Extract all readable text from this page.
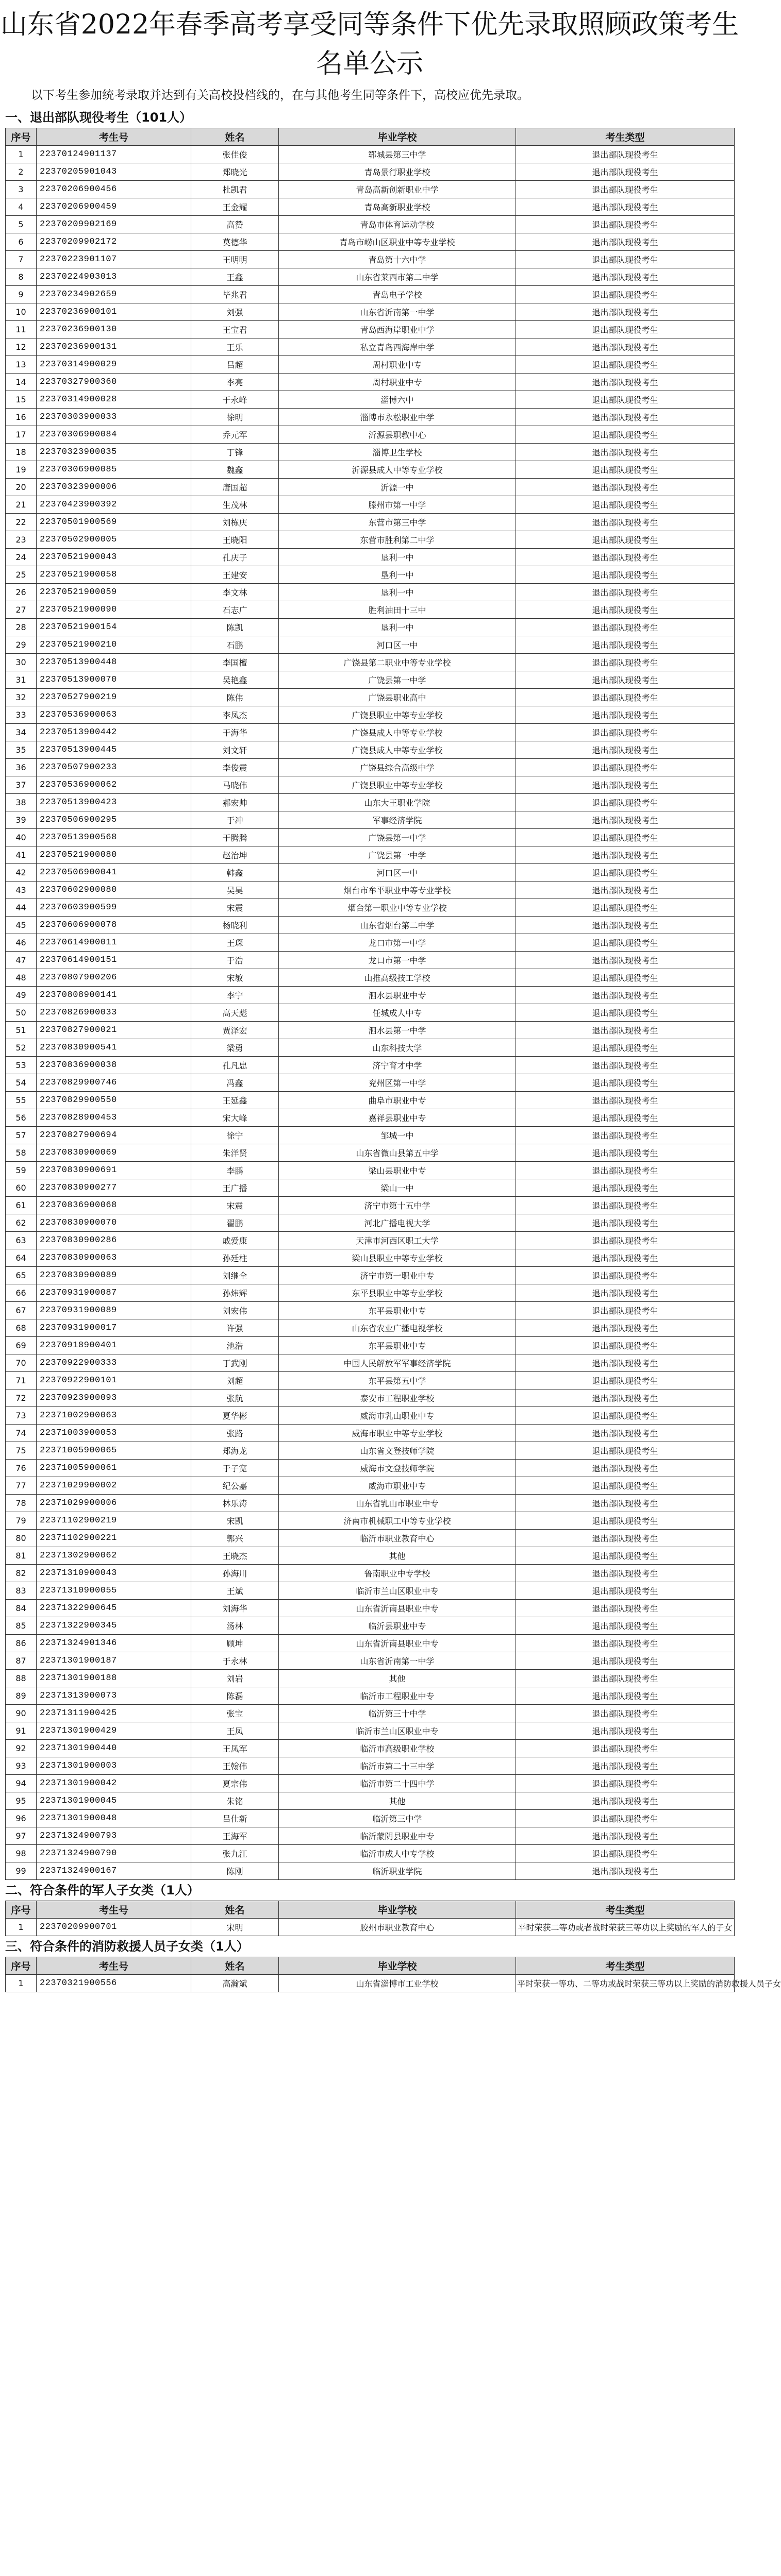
山东省2022年春季高考享受同等条件下优先录取照顾政策考生名单公示
以下考生参加统考录取并达到有关高校投档线的，在与其他考生同等条件下，高校应优先录取。
一、退出部队现役考生（101人）
序号	考生号	姓名	毕业学校	考生类型
1	22370124901137	张佳俊	郓城县第三中学	退出部队现役考生
2	22370205901043	郑晓光	青岛景行职业学校	退出部队现役考生
3	22370206900456	杜凯君	青岛高新创新职业中学	退出部队现役考生
4	22370206900459	王金耀	青岛高新职业学校	退出部队现役考生
5	22370209902169	高赞	青岛市体育运动学校	退出部队现役考生
6	22370209902172	莫德华	青岛市崂山区职业中等专业学校	退出部队现役考生
7	22370223901107	王明明	青岛第十六中学	退出部队现役考生
8	22370224903013	王鑫	山东省莱西市第二中学	退出部队现役考生
9	22370234902659	毕兆君	青岛电子学校	退出部队现役考生
10	22370236900101	刘强	山东省沂南第一中学	退出部队现役考生
11	22370236900130	王宝君	青岛西海岸职业中学	退出部队现役考生
12	22370236900131	王乐	私立青岛西海岸中学	退出部队现役考生
13	22370314900029	吕超	周村职业中专	退出部队现役考生
14	22370327900360	李亮	周村职业中专	退出部队现役考生
15	22370314900028	于永峰	淄博六中	退出部队现役考生
16	22370303900033	徐明	淄博市永松职业中学	退出部队现役考生
17	22370306900084	乔元军	沂源县职教中心	退出部队现役考生
18	22370323900035	丁锋	淄博卫生学校	退出部队现役考生
19	22370306900085	魏鑫	沂源县成人中等专业学校	退出部队现役考生
20	22370323900006	唐国超	沂源一中	退出部队现役考生
21	22370423900392	生茂林	滕州市第一中学	退出部队现役考生
22	22370501900569	刘栋庆	东营市第三中学	退出部队现役考生
23	22370502900005	王晓阳	东营市胜利第二中学	退出部队现役考生
24	22370521900043	孔庆子	垦利一中	退出部队现役考生
25	22370521900058	王建安	垦利一中	退出部队现役考生
26	22370521900059	李文林	垦利一中	退出部队现役考生
27	22370521900090	石志广	胜利油田十三中	退出部队现役考生
28	22370521900154	陈凯	垦利一中	退出部队现役考生
29	22370521900210	石鹏	河口区一中	退出部队现役考生
30	22370513900448	李国檀	广饶县第二职业中等专业学校	退出部队现役考生
31	22370513900070	吴艳鑫	广饶县第一中学	退出部队现役考生
32	22370527900219	陈伟	广饶县职业高中	退出部队现役考生
33	22370536900063	李凤杰	广饶县职业中等专业学校	退出部队现役考生
34	22370513900442	于海华	广饶县成人中等专业学校	退出部队现役考生
35	22370513900445	刘文轩	广饶县成人中等专业学校	退出部队现役考生
36	22370507900233	李俊震	广饶县综合高级中学	退出部队现役考生
37	22370536900062	马晓伟	广饶县职业中等专业学校	退出部队现役考生
38	22370513900423	郝宏帅	山东大王职业学院	退出部队现役考生
39	22370506900295	于冲	军事经济学院	退出部队现役考生
40	22370513900568	于腾腾	广饶县第一中学	退出部队现役考生
41	22370521900080	赵治坤	广饶县第一中学	退出部队现役考生
42	22370506900041	韩鑫	河口区一中	退出部队现役考生
43	22370602900080	吴昊	烟台市牟平职业中等专业学校	退出部队现役考生
44	22370603900599	宋震	烟台第一职业中等专业学校	退出部队现役考生
45	22370606900078	杨晓利	山东省烟台第二中学	退出部队现役考生
46	22370614900011	王琛	龙口市第一中学	退出部队现役考生
47	22370614900151	于浩	龙口市第一中学	退出部队现役考生
48	22370807900206	宋敏	山推高级技工学校	退出部队现役考生
49	22370808900141	李宁	泗水县职业中专	退出部队现役考生
50	22370826900033	高天彪	任城成人中专	退出部队现役考生
51	22370827900021	贾泽宏	泗水县第一中学	退出部队现役考生
52	22370830900541	梁勇	山东科技大学	退出部队现役考生
53	22370836900038	孔凡忠	济宁育才中学	退出部队现役考生
54	22370829900746	冯鑫	兖州区第一中学	退出部队现役考生
55	22370829900550	王延鑫	曲阜市职业中专	退出部队现役考生
56	22370828900453	宋大峰	嘉祥县职业中专	退出部队现役考生
57	22370827900694	徐宁	邹城一中	退出部队现役考生
58	22370830900069	朱洋贤	山东省微山县第五中学	退出部队现役考生
59	22370830900691	李鹏	梁山县职业中专	退出部队现役考生
60	22370830900277	王广播	梁山一中	退出部队现役考生
61	22370836900068	宋震	济宁市第十五中学	退出部队现役考生
62	22370830900070	翟鹏	河北广播电视大学	退出部队现役考生
63	22370830900286	戚爱康	天津市河西区职工大学	退出部队现役考生
64	22370830900063	孙廷柱	梁山县职业中等专业学校	退出部队现役考生
65	22370830900089	刘继全	济宁市第一职业中专	退出部队现役考生
66	22370931900087	孙炜辉	东平县职业中等专业学校	退出部队现役考生
67	22370931900089	刘宏伟	东平县职业中专	退出部队现役考生
68	22370931900017	许强	山东省农业广播电视学校	退出部队现役考生
69	22370918900401	池浩	东平县职业中专	退出部队现役考生
70	22370922900333	丁武刚	中国人民解放军军事经济学院	退出部队现役考生
71	22370922900101	刘超	东平县第五中学	退出部队现役考生
72	22370923900093	张航	泰安市工程职业学校	退出部队现役考生
73	22371002900063	夏华彬	威海市乳山职业中专	退出部队现役考生
74	22371003900053	张路	威海市职业中等专业学校	退出部队现役考生
75	22371005900065	郑海龙	山东省文登技师学院	退出部队现役考生
76	22371005900061	于子宽	威海市文登技师学院	退出部队现役考生
77	22371029900002	纪公嘉	威海市职业中专	退出部队现役考生
78	22371029900006	林乐涛	山东省乳山市职业中专	退出部队现役考生
79	22371102900219	宋凯	济南市机械职工中等专业学校	退出部队现役考生
80	22371102900221	郭兴	临沂市职业教育中心	退出部队现役考生
81	22371302900062	王晓杰	其他	退出部队现役考生
82	22371310900043	孙海川	鲁南职业中专学校	退出部队现役考生
83	22371310900055	王斌	临沂市兰山区职业中专	退出部队现役考生
84	22371322900645	刘海华	山东省沂南县职业中专	退出部队现役考生
85	22371322900345	汤林	临沂县职业中专	退出部队现役考生
86	22371324901346	顾坤	山东省沂南县职业中专	退出部队现役考生
87	22371301900187	于永林	山东省沂南第一中学	退出部队现役考生
88	22371301900188	刘岩	其他	退出部队现役考生
89	22371313900073	陈磊	临沂市工程职业中专	退出部队现役考生
90	22371311900425	张宝	临沂第三十中学	退出部队现役考生
91	22371301900429	王凤	临沂市兰山区职业中专	退出部队现役考生
92	22371301900440	王凤军	临沂市高级职业学校	退出部队现役考生
93	22371301900003	王翰伟	临沂市第二十三中学	退出部队现役考生
94	22371301900042	夏宗伟	临沂市第二十四中学	退出部队现役考生
95	22371301900045	朱铭	其他	退出部队现役考生
96	22371301900048	吕仕新	临沂第三中学	退出部队现役考生
97	22371324900793	王海军	临沂蒙阴县职业中专	退出部队现役考生
98	22371324900790	张九江	临沂市成人中专学校	退出部队现役考生
99	22371324900167	陈刚	临沂职业学院	退出部队现役考生
二、符合条件的军人子女类（1人）
序号	考生号	姓名	毕业学校	考生类型
1	22370209900701	宋明	胶州市职业教育中心	平时荣获二等功或者战时荣获三等功以上奖励的军人的子女
三、符合条件的消防救援人员子女类（1人）
序号	考生号	姓名	毕业学校	考生类型
1	22370321900556	高瀚斌	山东省淄博市工业学校	平时荣获一等功、二等功或战时荣获三等功以上奖励的消防救援人员子女
